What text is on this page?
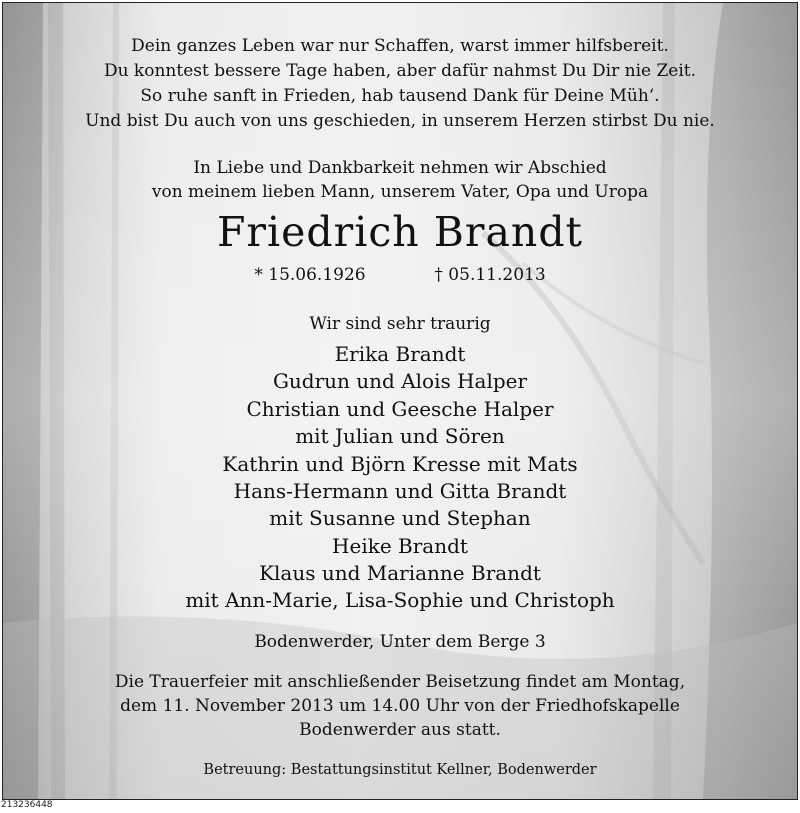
Dein ganzes Leben war nur Schaffen, warst immer hilfsbereit.
Du konntest bessere Tage haben, aber dafür nahmst Du Dir nie Zeit.
So ruhe sanft in Frieden, hab tausend Dank für Deine Müh‘.
Und bist Du auch von uns geschieden, in unserem Herzen stirbst Du nie.
In Liebe und Dankbarkeit nehmen wir Abschied
von meinem lieben Mann, unserem Vater, Opa und Uropa
Friedrich Brandt
* 15.06.1926	† 05.11.2013
Wir sind sehr traurig
Erika Brandt
Gudrun und Alois Halper
Christian und Geesche Halper
mit Julian und Sören
Kathrin und Björn Kresse mit Mats
Hans-Hermann und Gitta Brandt
mit Susanne und Stephan
Heike Brandt
Klaus und Marianne Brandt
mit Ann-Marie, Lisa-Sophie und Christoph
Bodenwerder, Unter dem Berge 3
Die Trauerfeier mit anschließender Beisetzung findet am Montag,
dem 11. November 2013 um 14.00 Uhr von der Friedhofskapelle
Bodenwerder aus statt.
Betreuung: Bestattungsinstitut Kellner, Bodenwerder
213236448
